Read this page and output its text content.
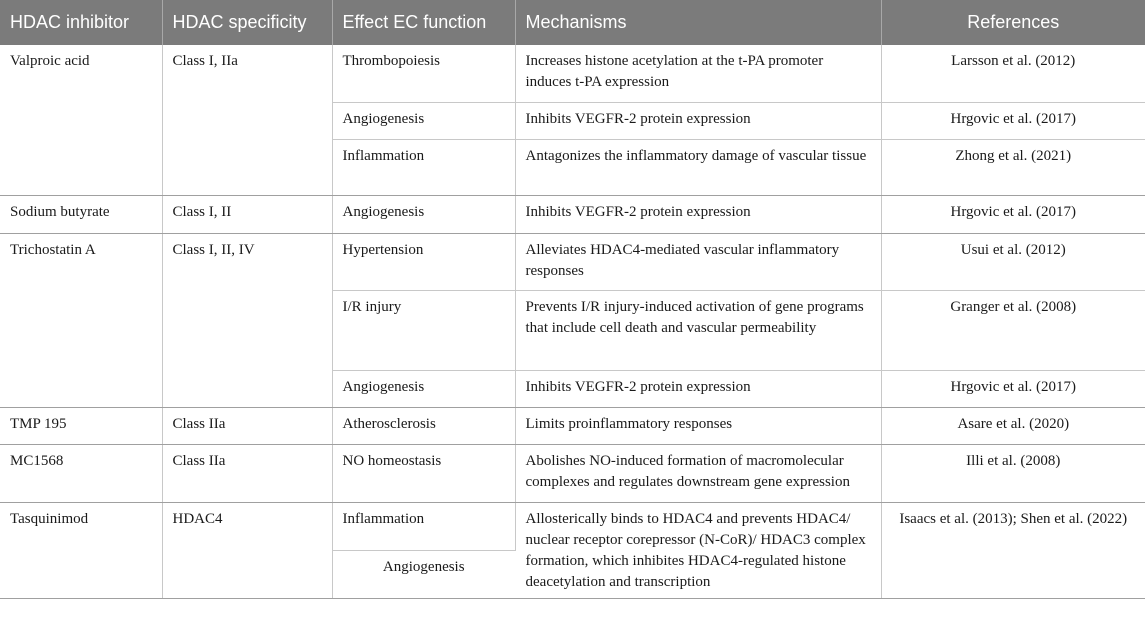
HDAC inhibitor	HDAC specificity	Effect EC function	Mechanisms	References
Valproic acid	Class I, IIa	Thrombopoiesis	Increases histone acetylation at the t-PA promoter induces t-PA expression	Larsson et al. (2012)
		Angiogenesis	Inhibits VEGFR-2 protein expression	Hrgovic et al. (2017)
		Inflammation	Antagonizes the inflammatory damage of vascular tissue	Zhong et al. (2021)
Sodium butyrate	Class I, II	Angiogenesis	Inhibits VEGFR-2 protein expression	Hrgovic et al. (2017)
Trichostatin A	Class I, II, IV	Hypertension	Alleviates HDAC4-mediated vascular inflammatory responses	Usui et al. (2012)
		I/R injury	Prevents I/R injury-induced activation of gene programs that include cell death and vascular permeability	Granger et al. (2008)
		Angiogenesis	Inhibits VEGFR-2 protein expression	Hrgovic et al. (2017)
TMP 195	Class IIa	Atherosclerosis	Limits proinflammatory responses	Asare et al. (2020)
MC1568	Class IIa	NO homeostasis	Abolishes NO-induced formation of macromolecular complexes and regulates downstream gene expression	Illi et al. (2008)
Tasquinimod	HDAC4	Inflammation	Allosterically binds to HDAC4 and prevents HDAC4/ nuclear receptor corepressor (N-CoR)/ HDAC3 complex formation, which inhibites HDAC4-regulated histone deacetylation and transcription	Isaacs et al. (2013); Shen et al. (2022)
		Angiogenesis		
